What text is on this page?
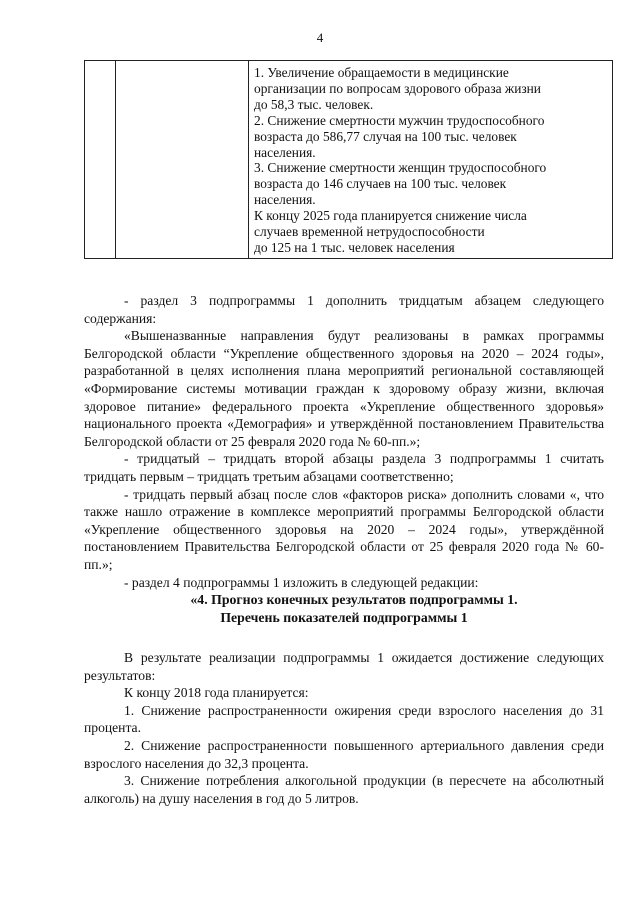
4

1. Увеличение обращаемости в медицинские
организации по вопросам здорового образа жизни
до 58,3 тыс. человек.
2. Снижение смертности мужчин трудоспособного
возраста до 586,77 случая на 100 тыс. человек
населения.
3. Снижение смертности женщин трудоспособного
возраста до 146 случаев на 100 тыс. человек
населения.
К концу 2025 года планируется снижение числа
случаев временной нетрудоспособности
до 125 на 1 тыс. человек населения

- раздел 3 подпрограммы 1 дополнить тридцатым абзацем следующего содержания:

«Вышеназванные направления будут реализованы в рамках программы Белгородской области “Укрепление общественного здоровья на 2020 – 2024 годы», разработанной в целях исполнения плана мероприятий региональной составляющей «Формирование системы мотивации граждан к здоровому образу жизни, включая здоровое питание» федерального проекта «Укрепление общественного здоровья» национального проекта «Демография» и утверждённой постановлением Правительства Белгородской области от 25 февраля 2020 года № 60-пп.»;

- тридцатый – тридцать второй абзацы раздела 3 подпрограммы 1 считать тридцать первым – тридцать третьим абзацами соответственно;

- тридцать первый абзац после слов «факторов риска» дополнить словами «, что также нашло отражение в комплексе мероприятий программы Белгородской области «Укрепление общественного здоровья на 2020 – 2024 годы», утверждённой постановлением Правительства Белгородской области от 25 февраля 2020 года № 60-пп.»;

- раздел 4 подпрограммы 1 изложить в следующей редакции:

«4. Прогноз конечных результатов подпрограммы 1.

Перечень показателей подпрограммы 1

В результате реализации подпрограммы 1 ожидается достижение следующих результатов:

К концу 2018 года планируется:

1. Снижение распространенности ожирения среди взрослого населения до 31 процента.

2. Снижение распространенности повышенного артериального давления среди взрослого населения до 32,3 процента.

3. Снижение потребления алкогольной продукции (в пересчете на абсолютный алкоголь) на душу населения в год до 5 литров.
